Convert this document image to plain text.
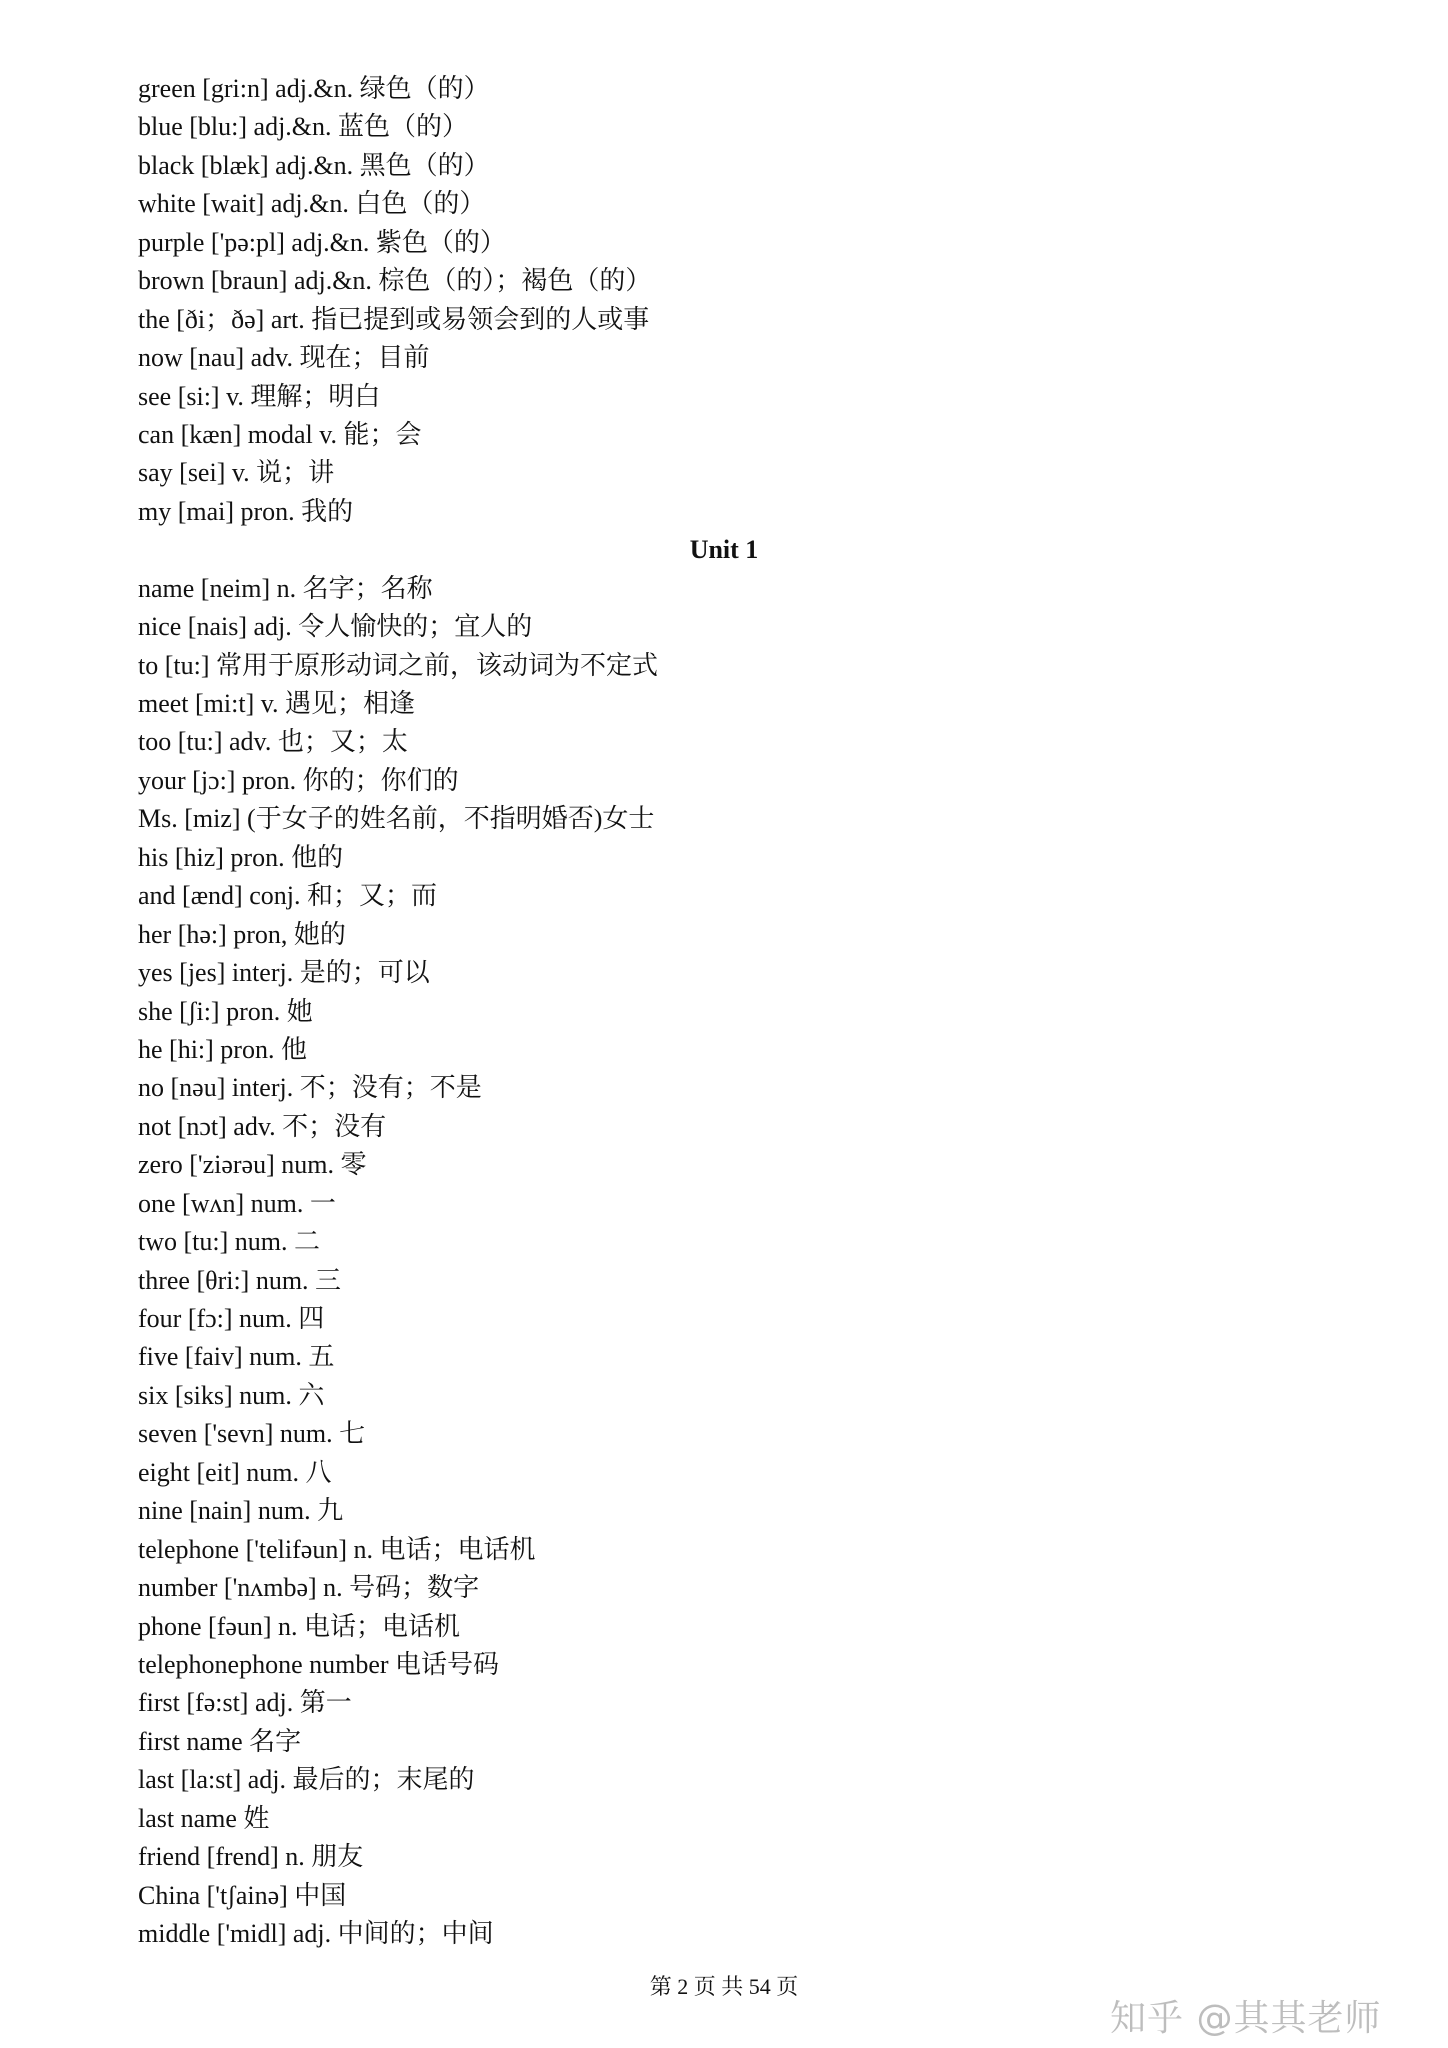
green [gri:n] adj.&n. 绿色（的）
blue [blu:] adj.&n. 蓝色（的）
black [blæk] adj.&n. 黑色（的）
white [wait] adj.&n. 白色（的）
purple ['pə:pl] adj.&n. 紫色（的）
brown [braun] adj.&n. 棕色（的）；褐色（的）
the [ði；ðə] art. 指已提到或易领会到的人或事
now [nau] adv. 现在；目前
see [si:] v. 理解；明白
can [kæn] modal v. 能；会
say [sei] v. 说；讲
my [mai] pron. 我的
Unit 1
name [neim] n. 名字；名称
nice [nais] adj. 令人愉快的；宜人的
to [tu:] 常用于原形动词之前，该动词为不定式
meet [mi:t] v. 遇见；相逢
too [tu:] adv. 也；又；太
your [jɔ:] pron. 你的；你们的
Ms. [miz] (于女子的姓名前，不指明婚否)女士
his [hiz] pron. 他的
and [ænd] conj. 和；又；而
her [hə:] pron, 她的
yes [jes] interj. 是的；可以
she [ʃi:] pron. 她
he [hi:] pron. 他
no [nəu] interj. 不；没有；不是
not [nɔt] adv. 不；没有
zero ['ziərəu] num. 零
one [wʌn] num. 一
two [tu:] num. 二
three [θri:] num. 三
four [fɔ:] num. 四
five [faiv] num. 五
six [siks] num. 六
seven ['sevn] num. 七
eight [eit] num. 八
nine [nain] num. 九
telephone ['telifəun] n. 电话；电话机
number ['nʌmbə] n. 号码；数字
phone [fəun] n. 电话；电话机
telephonephone number 电话号码
first [fə:st] adj. 第一
first name 名字
last [la:st] adj. 最后的；末尾的
last name 姓
friend [frend] n. 朋友
China ['tʃainə] 中国
middle ['midl] adj. 中间的；中间
第 2 页 共 54 页
知乎 @其其老师
